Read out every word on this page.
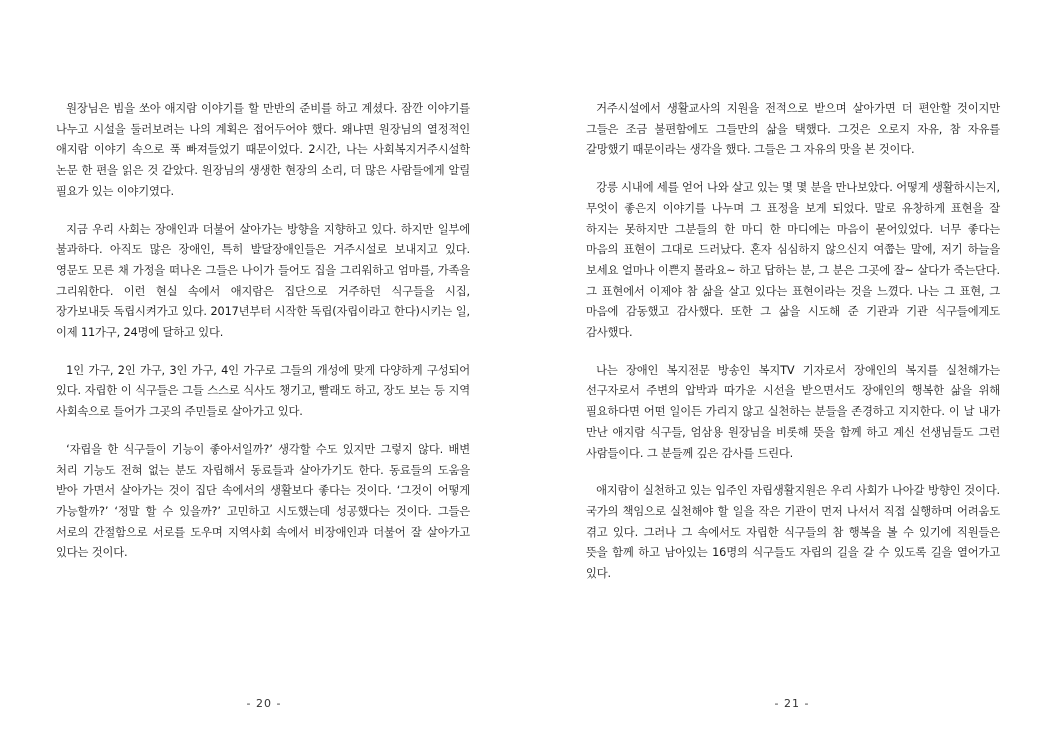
원장님은 빔을 쏘아 애지람 이야기를 할 만반의 준비를 하고 계셨다. 잠깐 이야기를 나누고 시설을 둘러보려는 나의 계획은 접어두어야 했다. 왜냐면 원장님의 열정적인 애지람 이야기 속으로 푹 빠져들었기 때문이었다. 2시간, 나는 사회복지거주시설학 논문 한 편을 읽은 것 같았다. 원장님의 생생한 현장의 소리, 더 많은 사람들에게 알릴 필요가 있는 이야기였다.

지금 우리 사회는 장애인과 더불어 살아가는 방향을 지향하고 있다. 하지만 일부에 불과하다. 아직도 많은 장애인, 특히 발달장애인들은 거주시설로 보내지고 있다. 영문도 모른 채 가정을 떠나온 그들은 나이가 들어도 집을 그리워하고 엄마를, 가족을 그리워한다. 이런 현실 속에서 애지람은 집단으로 거주하던 식구들을 시집, 장가보내듯 독립시켜가고 있다. 2017년부터 시작한 독립(자립이라고 한다)시키는 일, 이제 11가구, 24명에 달하고 있다.

1인 가구, 2인 가구, 3인 가구, 4인 가구로 그들의 개성에 맞게 다양하게 구성되어 있다. 자립한 이 식구들은 그들 스스로 식사도 챙기고, 빨래도 하고, 장도 보는 등 지역 사회속으로 들어가 그곳의 주민들로 살아가고 있다.

‘자립을 한 식구들이 기능이 좋아서일까?’ 생각할 수도 있지만 그렇지 않다. 배변 처리 기능도 전혀 없는 분도 자립해서 동료들과 살아가기도 한다. 동료들의 도움을 받아 가면서 살아가는 것이 집단 속에서의 생활보다 좋다는 것이다. ‘그것이 어떻게 가능할까?’ ‘정말 할 수 있을까?’ 고민하고 시도했는데 성공했다는 것이다. 그들은 서로의 간절함으로 서로를 도우며 지역사회 속에서 비장애인과 더불어 잘 살아가고 있다는 것이다.

- 20 -

거주시설에서 생활교사의 지원을 전적으로 받으며 살아가면 더 편안할 것이지만 그들은 조금 불편함에도 그들만의 삶을 택했다. 그것은 오로지 자유, 참 자유를 갈망했기 때문이라는 생각을 했다. 그들은 그 자유의 맛을 본 것이다.

강릉 시내에 세를 얻어 나와 살고 있는 몇 몇 분을 만나보았다. 어떻게 생활하시는지, 무엇이 좋은지 이야기를 나누며 그 표정을 보게 되었다. 말로 유창하게 표현을 잘 하지는 못하지만 그분들의 한 마디 한 마디에는 마음이 묻어있었다. 너무 좋다는 마음의 표현이 그대로 드러났다. 혼자 심심하지 않으신지 여쭙는 말에, 저기 하늘을 보세요 얼마나 이쁜지 몰라요~ 하고 답하는 분, 그 분은 그곳에 잘~ 살다가 죽는단다. 그 표현에서 이제야 참 삶을 살고 있다는 표현이라는 것을 느꼈다. 나는 그 표현, 그 마음에 감동했고 감사했다. 또한 그 삶을 시도해 준 기관과 기관 식구들에게도 감사했다.

나는 장애인 복지전문 방송인 복지TV 기자로서 장애인의 복지를 실천해가는 선구자로서 주변의 압박과 따가운 시선을 받으면서도 장애인의 행복한 삶을 위해 필요하다면 어떤 일이든 가리지 않고 실천하는 분들을 존경하고 지지한다. 이 날 내가 만난 애지람 식구들, 엄삼용 원장님을 비롯해 뜻을 함께 하고 계신 선생님들도 그런 사람들이다. 그 분들께 깊은 감사를 드린다.

애지람이 실천하고 있는 입주인 자립생활지원은 우리 사회가 나아갈 방향인 것이다. 국가의 책임으로 실천해야 할 일을 작은 기관이 먼저 나서서 직접 실행하며 어려움도 겪고 있다. 그러나 그 속에서도 자립한 식구들의 참 행복을 볼 수 있기에 직원들은 뜻을 함께 하고 남아있는 16명의 식구들도 자립의 길을 갈 수 있도록 길을 열어가고 있다.

- 21 -
